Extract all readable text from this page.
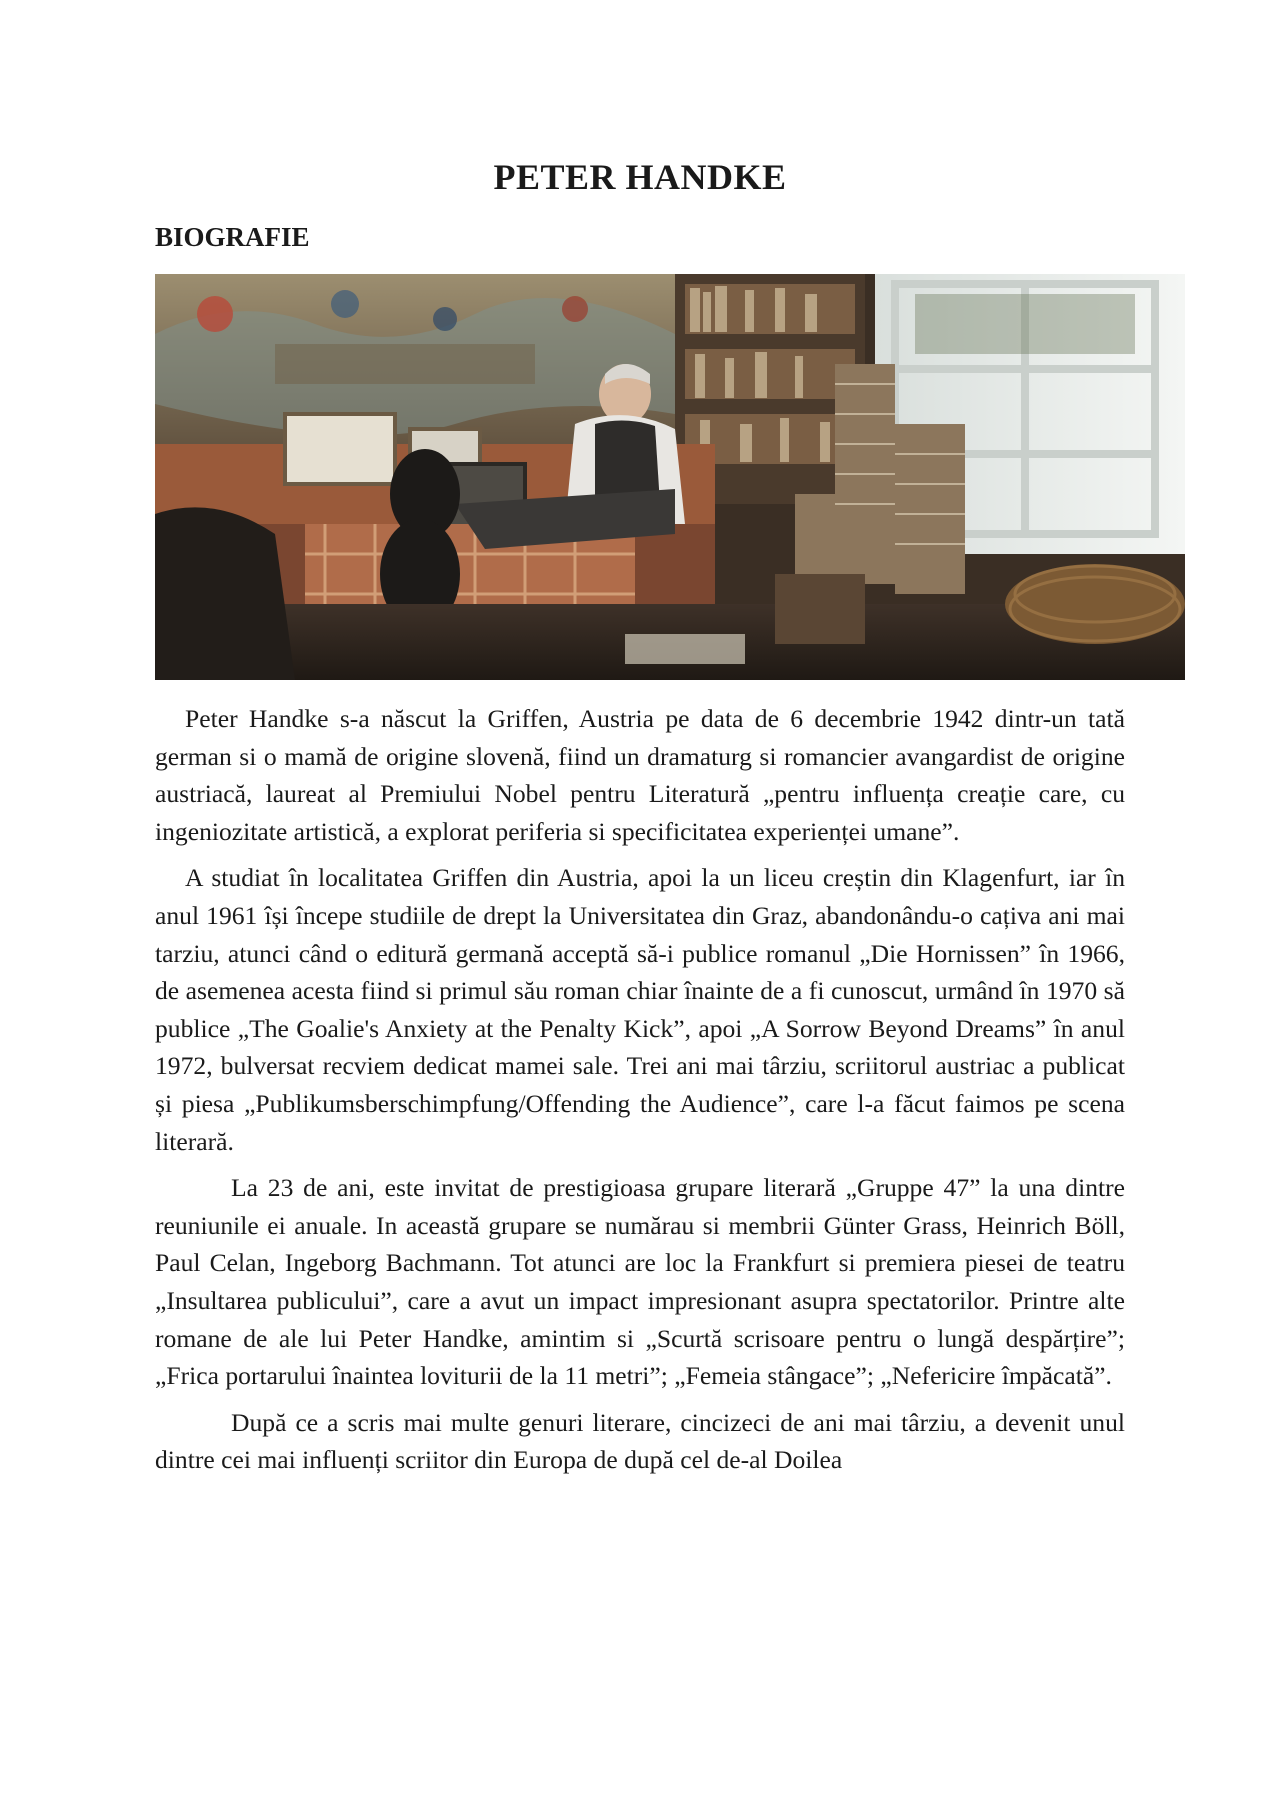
PETER HANDKE
BIOGRAFIE

Peter Handke s-a născut la Griffen, Austria pe data de 6 decembrie 1942 dintr-un tată german si o mamă de origine slovenă, fiind un dramaturg si romancier avangardist de origine austriacă, laureat al Premiului Nobel pentru Literatură „pentru influența creație care, cu ingeniozitate artistică, a explorat periferia si specificitatea experienței umane”.

A studiat în localitatea Griffen din Austria, apoi la un liceu creștin din Klagenfurt, iar în anul 1961 își începe studiile de drept la Universitatea din Graz, abandonându-o cațiva ani mai tarziu, atunci când o editură germană acceptă să-i publice romanul „Die Hornissen” în 1966, de asemenea acesta fiind si primul său roman chiar înainte de a fi cunoscut, urmând în 1970 să publice „The Goalie's Anxiety at the Penalty Kick”, apoi „A Sorrow Beyond Dreams” în anul 1972, bulversat recviem dedicat mamei sale. Trei ani mai târziu, scriitorul austriac a publicat și piesa „Publikumsberschimpfung/Offending the Audience”, care l-a făcut faimos pe scena literară.

La 23 de ani, este invitat de prestigioasa grupare literară „Gruppe 47” la una dintre reuniunile ei anuale. In această grupare se numărau si membrii Günter Grass, Heinrich Böll, Paul Celan, Ingeborg Bachmann. Tot atunci are loc la Frankfurt si premiera piesei de teatru „Insultarea publicului”, care a avut un impact impresionant asupra spectatorilor. Printre alte romane de ale lui Peter Handke, amintim si „Scurtă scrisoare pentru o lungă despărțire”; „Frica portarului înaintea loviturii de la 11 metri”; „Femeia stângace”; „Nefericire împăcată”.

După ce a scris mai multe genuri literare, cincizeci de ani mai târziu, a devenit unul dintre cei mai influenți scriitor din Europa de după cel de-al Doilea
